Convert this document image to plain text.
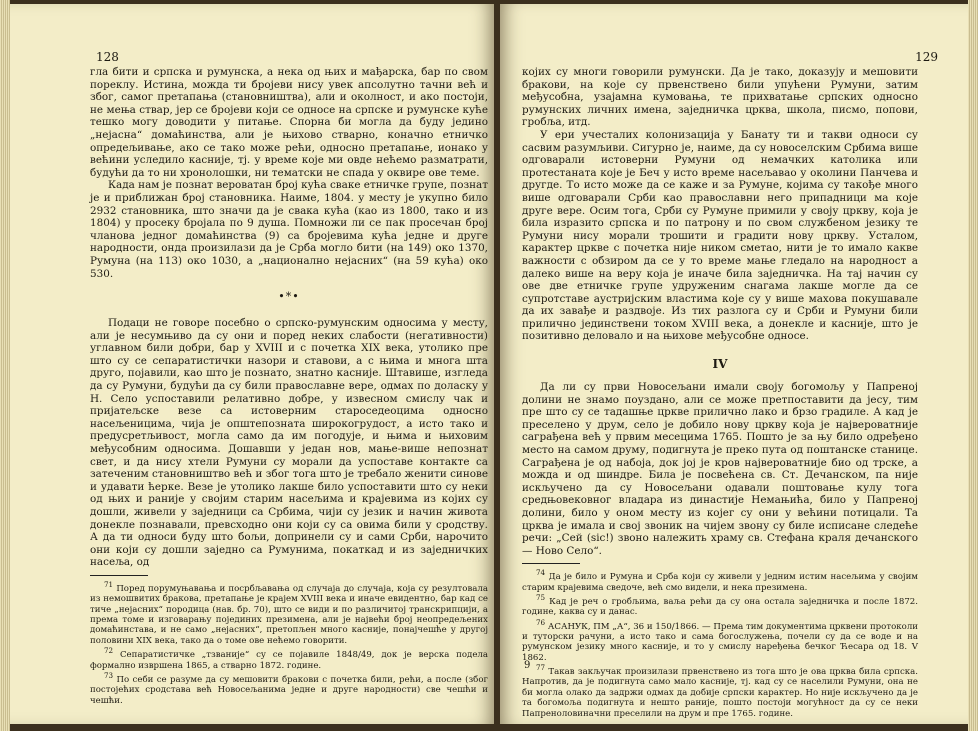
128

гла бити и српска и румунска, а нека од њих и мађарска, бар по свом пореклу. Истина, можда ти бројеви нису увек апсолутно тачни већ и због, самог претапања (становништва), али и околност, и ако постоји, не мења ствар, јер се бројеви који се односе на српске и румунске куће тешко могу доводити у питање. Спорна би могла да буду једино „нејасна“ домаћинства, али је њихово стварно, коначно етничко опредељивање, ако се тако може рећи, односно претапање, ионако у већини уследило касније, тј. у време које ми овде нећемо разматрати, будући да то ни хронолошки, ни тематски не спада у оквире ове теме.

Када нам је познат вероватан број кућа сваке етничке групе, познат је и приближан број становника. Наиме, 1804. у месту је укупно било 2932 становника, што значи да је свака кућа (као из 1800, тако и из 1804) у просеку бројала по 9 душа. Помножи ли се пак просечан број чланова једног домаћинства (9) са бројевима кућа једне и друге народности, онда произилази да је Срба могло бити (на 149) око 1370, Румуна (на 113) око 1030, а „национално нејасних“ (на 59 кућа) око 530.

•*•

Подаци не говоре посебно о српско-румунским односима у месту, али је несумњиво да су они и поред неких слабости (негативности) углавном били добри, бар у XVIII и с почетка XIX века, утолико пре што су се сепаратистички назори и ставови, а с њима и многа шта друго, појавили, као што је познато, знатно касније. Штавише, изгледа да су Румуни, будући да су били православне вере, одмах по доласку у Н. Село успоставили релативно добре, у извесном смислу чак и пријатељске везе са истоверним староседеоцима односно насељеницима, чија је општепознатa широкогрудост, а исто тако и предусретљивост, могла само да им погодује, и њима и њиховим међусобним односима. Дошавши у један нов, мање-више непознат свет, и да нису хтели Румуни су морали да успоставе контакте са затеченим становништво већ и због тога што је требало женити синове и удавати ћерке. Везе је утолико лакше било успоставити што су неки од њих и раније у својим старим насељима и крајевима из којих су дошли, живели у заједници са Србима, чији су језик и начин живота донекле познавали, превсходно они који су са овима били у сродству. А да ти односи буду што бољи, допринели су и сами Срби, нарочито они који су дошли заједно са Румунима, покаткад и из заједничких насеља, од

$^{71}$ Поред порумуњавања и посрбљавања од случаја до случаја, која су резултовала из немошвитих бракова, претапање је крајем XVIII века и иначе евидентно, бар кад се тиче „нејасних“ породица (нав. бр. 70), што се види и по различитој транскрипцији, а према томе и изговарању појединих презимена, али је највећи број неопредељених домаћинстава, и не само „нејасних“, претопљен много касније, понајчешће у другој половини XIX века, тако да о томе ове нећемо говорити.

$^{72}$ Сепаратистичке „тзваније“ су се појавиле 1848/49, док је верска подела формално извршена 1865, а стварно 1872. године.

$^{73}$ По себи се разуме да су мешовити бракови с почетка били, рећи, а после (због постојећих сродстава већ Новосељанима једне и друге народности) све чешћи и чешћи.

129

којих су многи говорили румунски. Да је тако, доказују и мешовити бракови, на које су првенствено били упућени Румуни, затим међусобна, узајамна кумовања, те прихватање српских односно румунских личних имена, заједничка црква, школа, писмо, попови, гробља, итд.

У ери учесталих колонизација у Банату ти и такви односи су сасвим разумљиви. Сигурно је, наиме, да су новоселским Србима више одговарали истоверни Румуни од немачких католика или протестаната које је Беч у исто време насељавао у околини Панчева и другде. То исто може да се каже и за Румуне, којима су такође много више одговарали Срби као православни него припадници ма које друге вере. Осим тога, Срби су Румуне примили у своју цркву, која је била изразито српска и по патрону и по свом службеном језику те Румуни нису морали трошити и градити нову цркву. Усталом, карактер цркве с почетка није ником сметао, нити је то имало какве важности с обзиром да се у то време мање гледало на народност а далеко више на веру која је иначе била заједничка. На тај начин су ове две етничке групе удруженим снагама лакше могле да се супротставе аустријским властима које су у више махова покушавале да их завађе и раздвоје. Из тих разлога су и Срби и Румуни били прилично јединствени током XVIII века, а донекле и касније, што је позитивно деловало и на њихове међусобне односе.

IV

Да ли су први Новосељани имали своју богомољу у Папреној долини не знамо поуздано, али се може претпоставити да јесу, тим пре што су се тадашње цркве прилично лако и брзо градиле. А кад је преселено у друм, село је добило нову цркву која је највероватније саграђена већ у првим месецима 1765. Пошто је за њу било одређено место на самом друму, подигнута је преко пута од поштанске станице. Саграђена је од набоја, док јој је кров највероватније био од трске, а можда и од шиндре. Била је посвећена св. Ст. Дечанском, па није искључено да су Новосељани одавали поштовање кулу тога средњовековног владара из династије Немањића, било у Папреној долини, било у оном месту из којег су они у већини потицали. Та црква је имала и свој звоник на чијем звону су биле исписане следеће речи: „Сей (sic!) звоно належить храму св. Стефана краля дечанского — Ново Село“.

$^{74}$ Да је било и Румуна и Срба који су живели у једним истим насељима у својим старим крајевима сведоче, већ смо видели, и нека презимена.

$^{75}$ Кад је реч о гробљима, ваља рећи да су она остала заједничка и после 1872. године, каква су и данас.

$^{76}$ АСАНУК, ПМ „А“, 36 и 150/1866. — Према тим документима црквени протоколи и туторски рачуни, а исто тако и сама богослужења, почели су да се воде и на румунском језику много касније, и то у смислу наређења бечког Ћесара од 18. V 1862.

$^{77}$ Такав закључак произилази првенствено из тога што је ова црква била српска. Напротив, да је подигнута само мало касније, тј. кад су се населили Румуни, она не би могла олако да задржи одмах да добије српски карактер. Но није искључено да је та богомоља подигнута и нешто раније, пошто постоји могућност да су се неки Папреноловиначни преселили на друм и пре 1765. године.

9
